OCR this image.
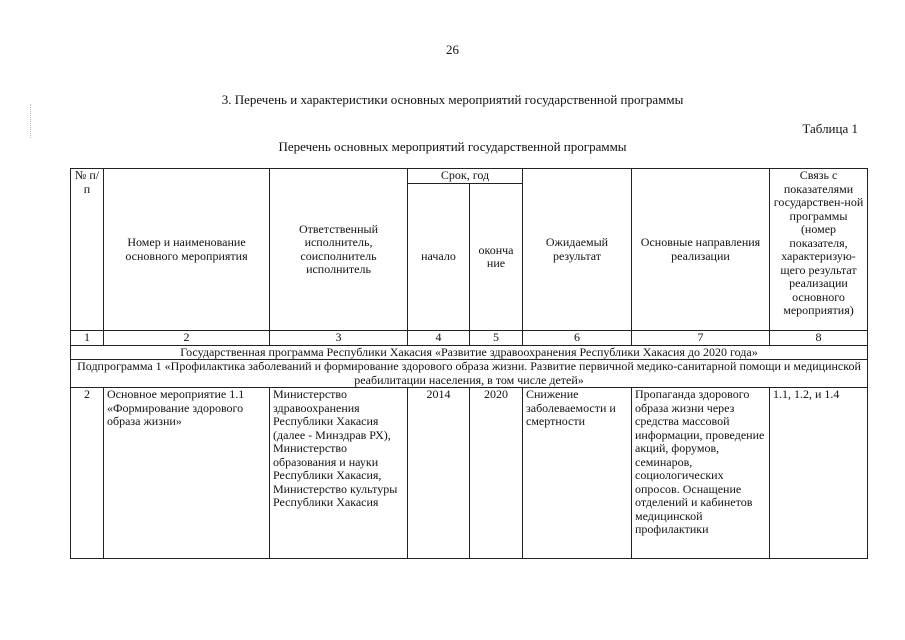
26
3. Перечень и характеристики основных мероприятий государственной программы
Таблица 1
Перечень основных мероприятий государственной программы
№ п/п	Номер и наименование основного мероприятия	Ответственный исполнитель, соисполнитель исполнитель	Срок, год		Ожидаемый результат	Основные направления реализации	Связь с показателями государствен-ной программы (номер показателя, характеризую-щего результат реализации основного мероприятия)
			начало	оконча ние			
1	2	3	4	5	6	7	8
Государственная программа Республики Хакасия «Развитие здравоохранения Республики Хакасия до 2020 года»							
Подпрограмма 1 «Профилактика заболеваний и формирование здорового образа жизни. Развитие первичной медико-санитарной помощи и медицинской реабилитации населения, в том числе детей»							
2	Основное мероприятие 1.1 «Формирование здорового образа жизни»	Министерство здравоохранения Республики Хакасия (далее - Минздрав РХ), Министерство образования и науки Республики Хакасия, Министерство культуры Республики Хакасия	2014	2020	Снижение заболеваемости и смертности	Пропаганда здорового образа жизни через средства массовой информации, проведение акций, форумов, семинаров, социологических опросов. Оснащение отделений и кабинетов медицинской профилактики	1.1, 1.2, и 1.4
